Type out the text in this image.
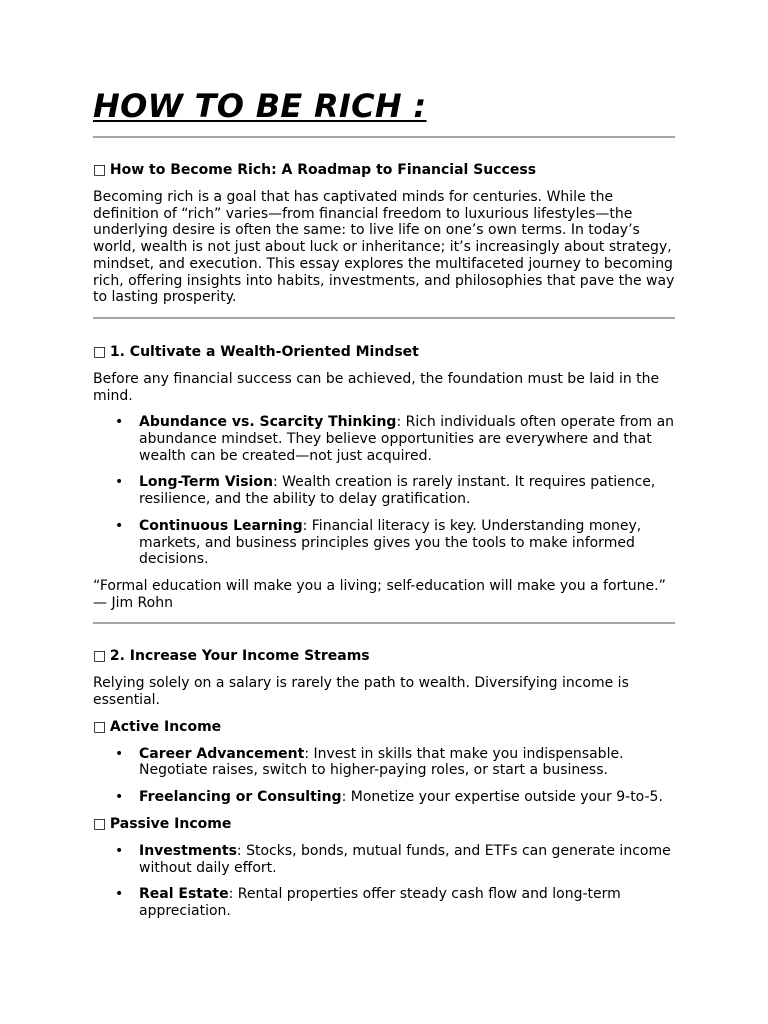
HOW TO BE RICH :
□ How to Become Rich: A Roadmap to Financial Success

Becoming rich is a goal that has captivated minds for centuries. While the definition of “rich” varies—from financial freedom to luxurious lifestyles—the underlying desire is often the same: to live life on one’s own terms. In today’s world, wealth is not just about luck or inheritance; it’s increasingly about strategy, mindset, and execution. This essay explores the multifaceted journey to becoming rich, offering insights into habits, investments, and philosophies that pave the way to lasting prosperity.

□ 1. Cultivate a Wealth-Oriented Mindset

Before any financial success can be achieved, the foundation must be laid in the mind.

• Abundance vs. Scarcity Thinking: Rich individuals often operate from an abundance mindset. They believe opportunities are everywhere and that wealth can be created—not just acquired.
• Long-Term Vision: Wealth creation is rarely instant. It requires patience, resilience, and the ability to delay gratification.
• Continuous Learning: Financial literacy is key. Understanding money, markets, and business principles gives you the tools to make informed decisions.

“Formal education will make you a living; self-education will make you a fortune.” — Jim Rohn

□ 2. Increase Your Income Streams

Relying solely on a salary is rarely the path to wealth. Diversifying income is essential.

□ Active Income
• Career Advancement: Invest in skills that make you indispensable. Negotiate raises, switch to higher-paying roles, or start a business.
• Freelancing or Consulting: Monetize your expertise outside your 9-to-5.
□ Passive Income
• Investments: Stocks, bonds, mutual funds, and ETFs can generate income without daily effort.
• Real Estate: Rental properties offer steady cash flow and long-term appreciation.
